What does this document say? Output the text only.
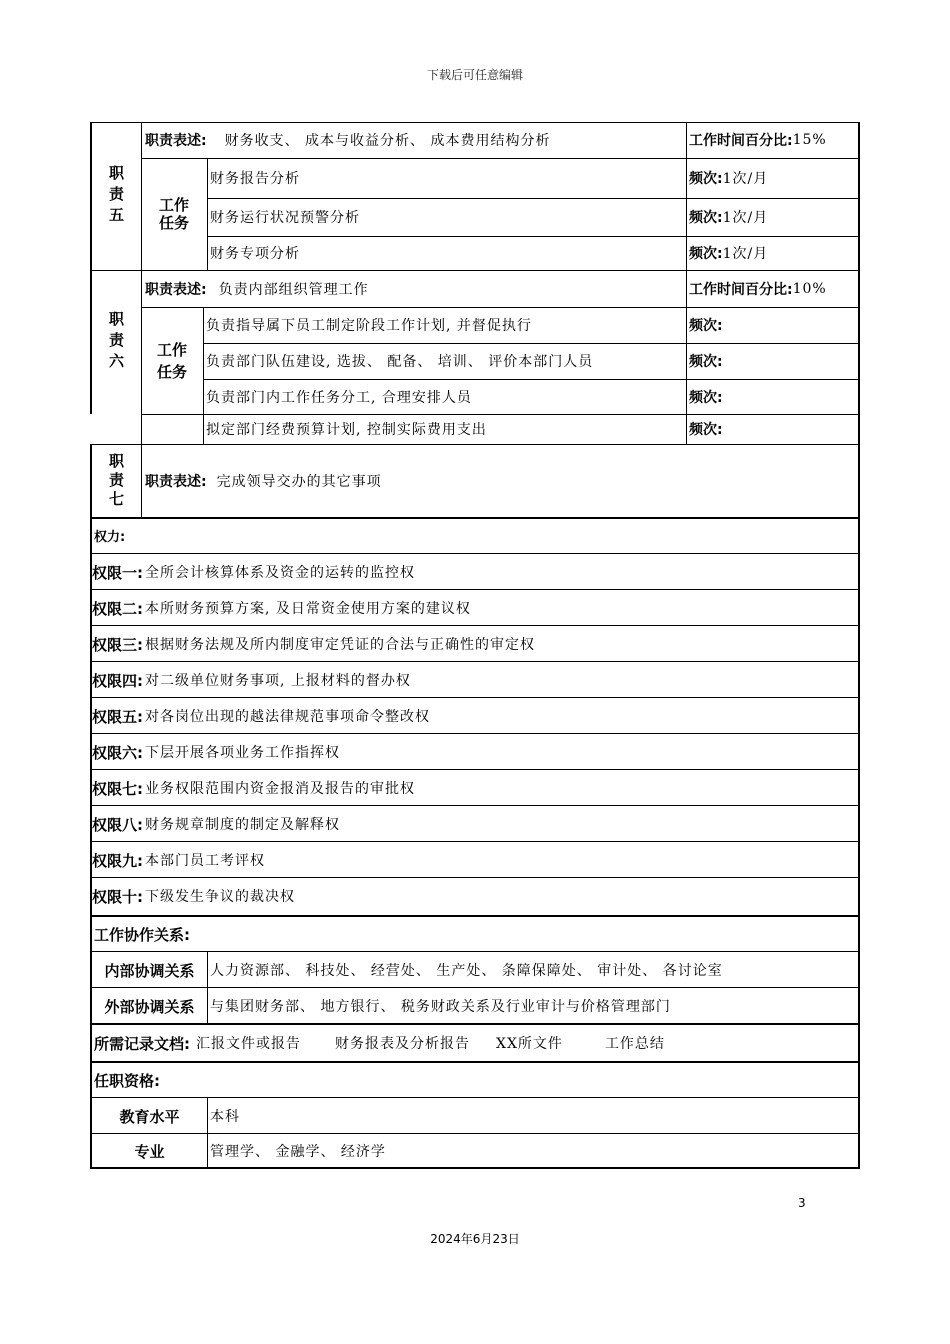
下载后可任意编辑
职责五
职责表述: 财务收支、 成本与收益分析、 成本费用结构分析	工作时间百分比: 15%
工作任务
财务报告分析	频次: 1次/月
财务运行状况预警分析	频次: 1次/月
财务专项分析	频次: 1次/月
职责六
职责表述: 负责内部组织管理工作	工作时间百分比: 10%
工作任务
负责指导属下员工制定阶段工作计划, 并督促执行	频次:
负责部门队伍建设, 选拔、 配备、 培训、 评价本部门人员	频次:
负责部门内工作任务分工, 合理安排人员	频次:
拟定部门经费预算计划, 控制实际费用支出	频次:
职责七	职责表述: 完成领导交办的其它事项
权力:
权限一: 全所会计核算体系及资金的运转的监控权
权限二: 本所财务预算方案, 及日常资金使用方案的建议权
权限三: 根据财务法规及所内制度审定凭证的合法与正确性的审定权
权限四: 对二级单位财务事项, 上报材料的督办权
权限五: 对各岗位出现的越法律规范事项命令整改权
权限六: 下层开展各项业务工作指挥权
权限七: 业务权限范围内资金报消及报告的审批权
权限八: 财务规章制度的制定及解释权
权限九: 本部门员工考评权
权限十: 下级发生争议的裁决权
工作协作关系:
内部协调关系	人力资源部、 科技处、 经营处、 生产处、 条障保障处、 审计处、 各讨论室
外部协调关系	与集团财务部、 地方银行、 税务财政关系及行业审计与价格管理部门
所需记录文档: 汇报文件或报告 财务报表及分析报告 XX所文件	工作总结
任职资格:
教育水平	本科
专业	管理学、 金融学、 经济学
3
2024年6月23日
